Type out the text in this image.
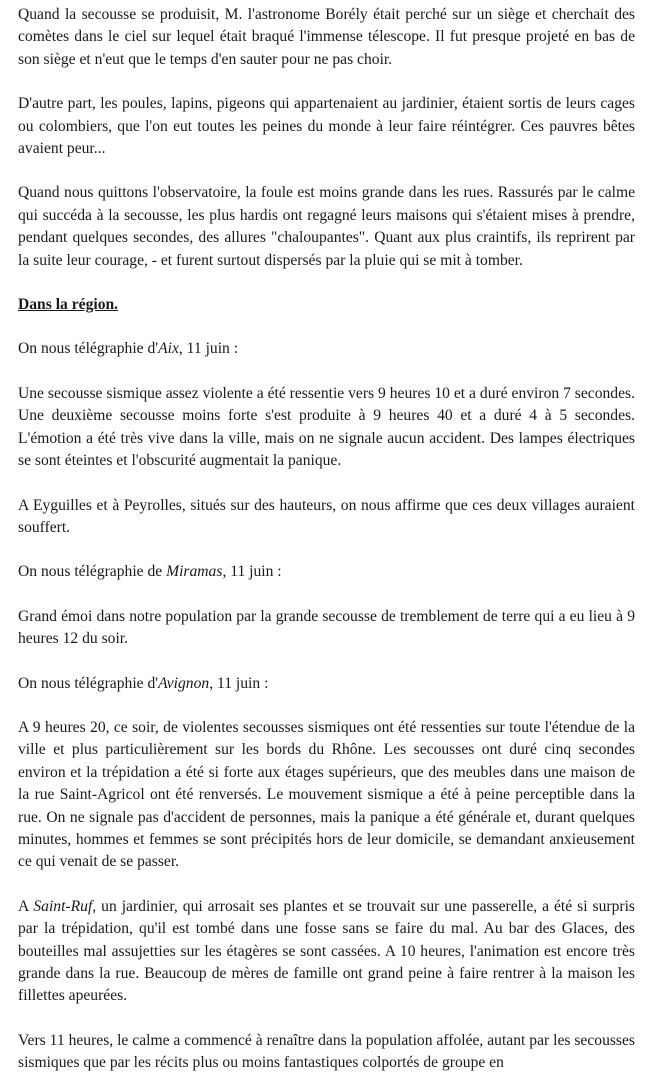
Quand la secousse se produisit, M. l'astronome Borély était perché sur un siège et cherchait des comètes dans le ciel sur lequel était braqué l'immense télescope. Il fut presque projeté en bas de son siège et n'eut que le temps d'en sauter pour ne pas choir.

D'autre part, les poules, lapins, pigeons qui appartenaient au jardinier, étaient sortis de leurs cages ou colombiers, que l'on eut toutes les peines du monde à leur faire réintégrer. Ces pauvres bêtes avaient peur...

Quand nous quittons l'observatoire, la foule est moins grande dans les rues. Rassurés par le calme qui succéda à la secousse, les plus hardis ont regagné leurs maisons qui s'étaient mises à prendre, pendant quelques secondes, des allures "chaloupantes". Quant aux plus craintifs, ils reprirent par la suite leur courage, - et furent surtout dispersés par la pluie qui se mit à tomber.

Dans la région.

On nous télégraphie d'Aix, 11 juin :

Une secousse sismique assez violente a été ressentie vers 9 heures 10 et a duré environ 7 secondes. Une deuxième secousse moins forte s'est produite à 9 heures 40 et a duré 4 à 5 secondes. L'émotion a été très vive dans la ville, mais on ne signale aucun accident. Des lampes électriques se sont éteintes et l'obscurité augmentait la panique.

A Eyguilles et à Peyrolles, situés sur des hauteurs, on nous affirme que ces deux villages auraient souffert.

On nous télégraphie de Miramas, 11 juin :

Grand émoi dans notre population par la grande secousse de tremblement de terre qui a eu lieu à 9 heures 12 du soir.

On nous télégraphie d'Avignon, 11 juin :

A 9 heures 20, ce soir, de violentes secousses sismiques ont été ressenties sur toute l'étendue de la ville et plus particulièrement sur les bords du Rhône. Les secousses ont duré cinq secondes environ et la trépidation a été si forte aux étages supérieurs, que des meubles dans une maison de la rue Saint-Agricol ont été renversés. Le mouvement sismique a été à peine perceptible dans la rue. On ne signale pas d'accident de personnes, mais la panique a été générale et, durant quelques minutes, hommes et femmes se sont précipités hors de leur domicile, se demandant anxieusement ce qui venait de se passer.

A Saint-Ruf, un jardinier, qui arrosait ses plantes et se trouvait sur une passerelle, a été si surpris par la trépidation, qu'il est tombé dans une fosse sans se faire du mal. Au bar des Glaces, des bouteilles mal assujetties sur les étagères se sont cassées. A 10 heures, l'animation est encore très grande dans la rue. Beaucoup de mères de famille ont grand peine à faire rentrer à la maison les fillettes apeurées.

Vers 11 heures, le calme a commencé à renaître dans la population affolée, autant par les secousses sismiques que par les récits plus ou moins fantastiques colportés de groupe en
